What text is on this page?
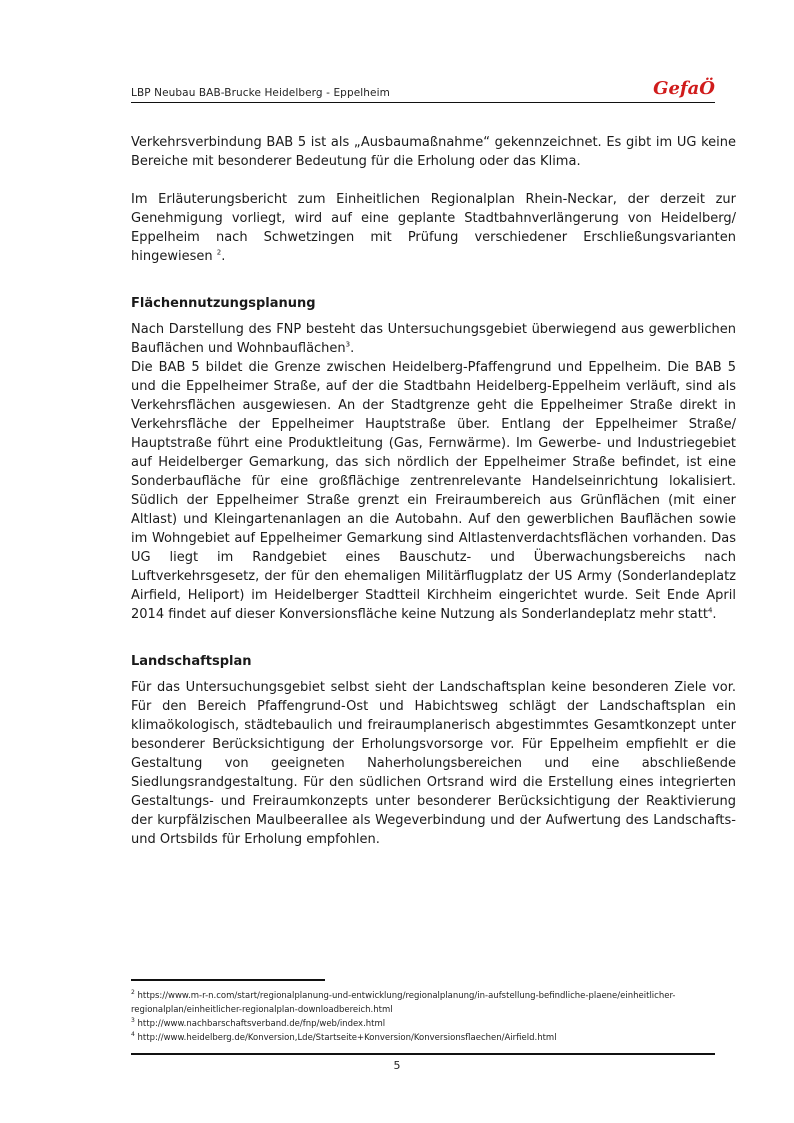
LBP Neubau BAB-Brucke Heidelberg - Eppelheim	GefaÖ

Verkehrsverbindung BAB 5 ist als „Ausbaumaßnahme“ gekennzeichnet. Es gibt im UG keine Bereiche mit besonderer Bedeutung für die Erholung oder das Klima.

Im Erläuterungsbericht zum Einheitlichen Regionalplan Rhein-Neckar, der derzeit zur Genehmigung vorliegt, wird auf eine geplante Stadtbahnverlängerung von Heidelberg/ Eppelheim nach Schwetzingen mit Prüfung verschiedener Erschließungsvarianten hingewiesen $^2$.

Flächennutzungsplanung

Nach Darstellung des FNP besteht das Untersuchungsgebiet überwiegend aus gewerblichen Bauflächen und Wohnbauflächen$^3$.

Die BAB 5 bildet die Grenze zwischen Heidelberg-Pfaffengrund und Eppelheim. Die BAB 5 und die Eppelheimer Straße, auf der die Stadtbahn Heidelberg-Eppelheim verläuft, sind als Verkehrsflächen ausgewiesen. An der Stadtgrenze geht die Eppelheimer Straße direkt in Verkehrsfläche der Eppelheimer Hauptstraße über. Entlang der Eppelheimer Straße/ Hauptstraße führt eine Produktleitung (Gas, Fernwärme). Im Gewerbe- und Industriegebiet auf Heidelberger Gemarkung, das sich nördlich der Eppelheimer Straße befindet, ist eine Sonderbaufläche für eine großflächige zentrenrelevante Handelseinrichtung lokalisiert. Südlich der Eppelheimer Straße grenzt ein Freiraumbereich aus Grünflächen (mit einer Altlast) und Kleingartenanlagen an die Autobahn. Auf den gewerblichen Bauflächen sowie im Wohngebiet auf Eppelheimer Gemarkung sind Altlastenverdachtsflächen vorhanden. Das UG liegt im Randgebiet eines Bauschutz- und Überwachungsbereichs nach Luftverkehrsgesetz, der für den ehemaligen Militärflugplatz der US Army (Sonderlandeplatz Airfield, Heliport) im Heidelberger Stadtteil Kirchheim eingerichtet wurde. Seit Ende April 2014 findet auf dieser Konversionsfläche keine Nutzung als Sonderlandeplatz mehr statt$^4$.

Landschaftsplan

Für das Untersuchungsgebiet selbst sieht der Landschaftsplan keine besonderen Ziele vor. Für den Bereich Pfaffengrund-Ost und Habichtsweg schlägt der Landschaftsplan ein klimaökologisch, städtebaulich und freiraumplanerisch abgestimmtes Gesamtkonzept unter besonderer Berücksichtigung der Erholungsvorsorge vor. Für Eppelheim empfiehlt er die Gestaltung von geeigneten Naherholungsbereichen und eine abschließende Siedlungsrandgestaltung. Für den südlichen Ortsrand wird die Erstellung eines integrierten Gestaltungs- und Freiraumkonzepts unter besonderer Berücksichtigung der Reaktivierung der kurpfälzischen Maulbeerallee als Wegeverbindung und der Aufwertung des Landschafts- und Ortsbilds für Erholung empfohlen.

$^2$ https://www.m-r-n.com/start/regionalplanung-und-entwicklung/regionalplanung/in-aufstellung-befindliche-plaene/einheitlicher-regionalplan/einheitlicher-regionalplan-downloadbereich.html

$^3$ http://www.nachbarschaftsverband.de/fnp/web/index.html

$^4$ http://www.heidelberg.de/Konversion,Lde/Startseite+Konversion/Konversionsflaechen/Airfield.html

5
